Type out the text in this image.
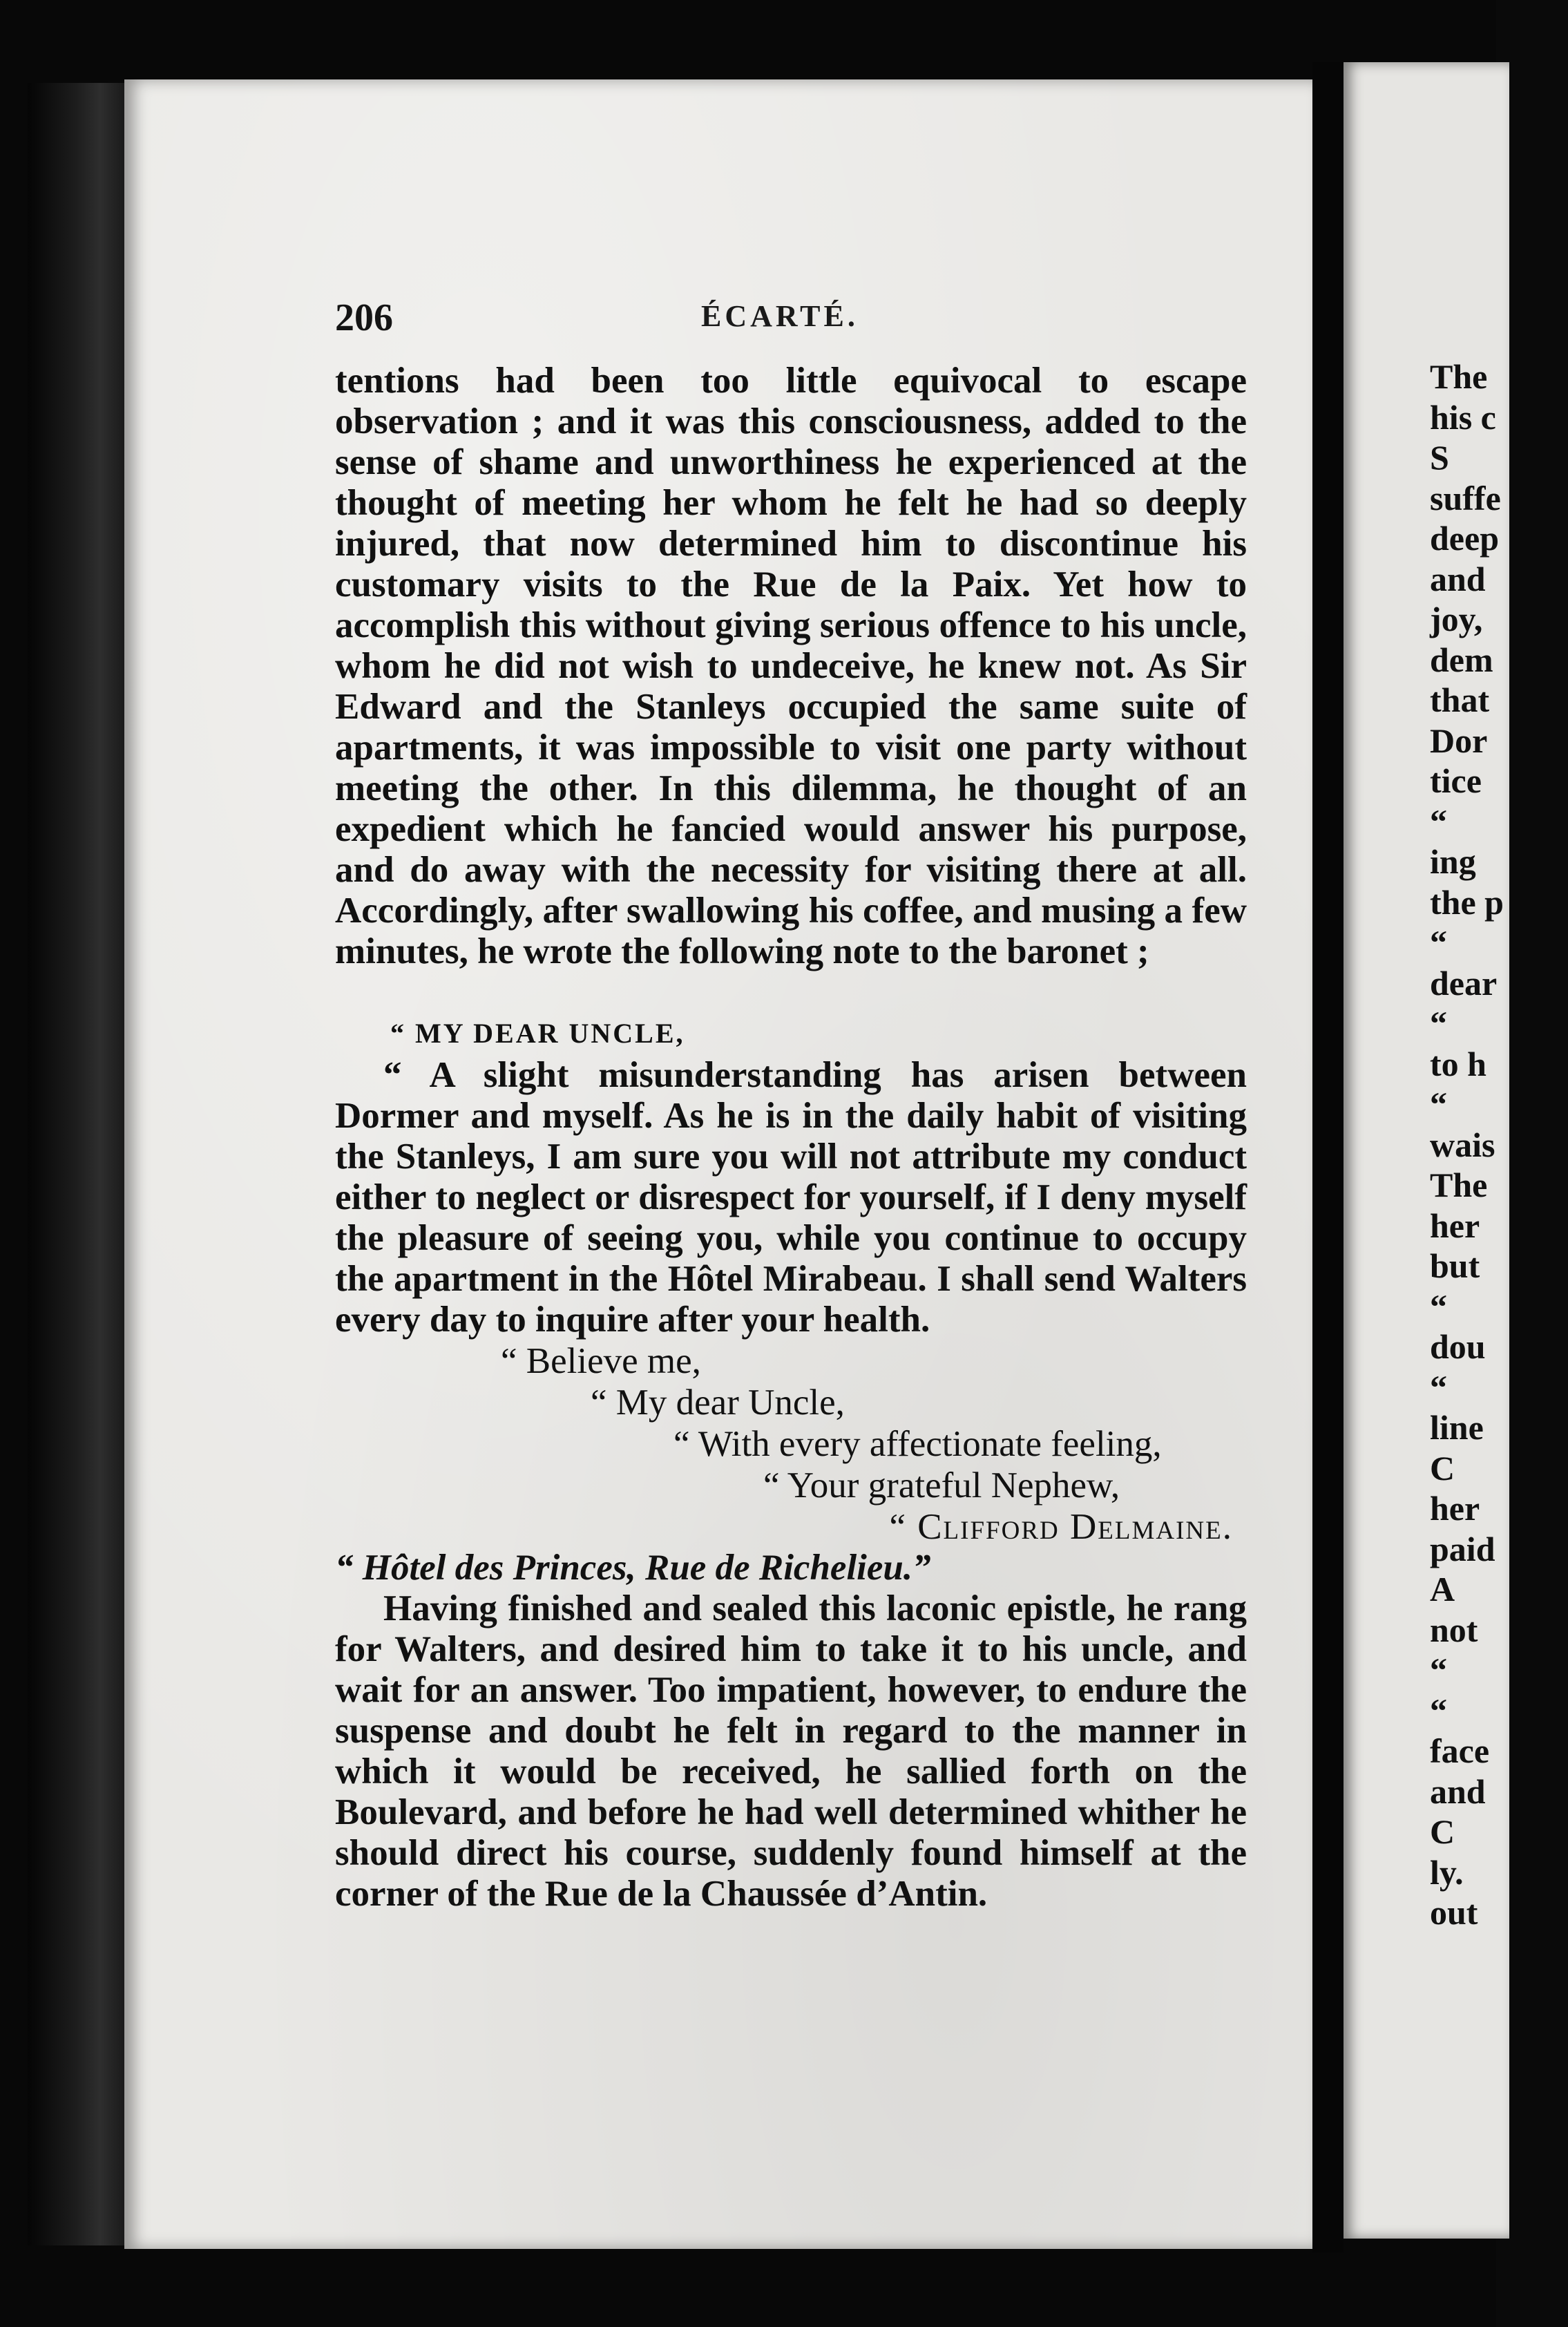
206	ÉCARTÉ.

tentions had been too little equivocal to escape observation ; and it was this consciousness, added to the sense of shame and unworthiness he experienced at the thought of meeting her whom he felt he had so deeply injured, that now determined him to discontinue his customary visits to the Rue de la Paix. Yet how to accomplish this without giving serious offence to his uncle, whom he did not wish to undeceive, he knew not. As Sir Edward and the Stanleys occupied the same suite of apartments, it was impossible to visit one party without meeting the other. In this dilemma, he thought of an expedient which he fancied would answer his purpose, and do away with the necessity for visiting there at all. Accordingly, after swallowing his coffee, and musing a few minutes, he wrote the following note to the baronet ;

“ MY DEAR UNCLE,

“ A slight misunderstanding has arisen between Dormer and myself. As he is in the daily habit of visiting the Stanleys, I am sure you will not attribute my conduct either to neglect or disrespect for yourself, if I deny myself the pleasure of seeing you, while you continue to occupy the apartment in the Hôtel Mirabeau. I shall send Walters every day to inquire after your health.

“ Believe me,

“ My dear Uncle,

“ With every affectionate feeling,

“ Your grateful Nephew,

“ Clifford Delmaine.

“ Hôtel des Princes, Rue de Richelieu.”

Having finished and sealed this laconic epistle, he rang for Walters, and desired him to take it to his uncle, and wait for an answer. Too impatient, however, to endure the suspense and doubt he felt in regard to the manner in which it would be received, he sallied forth on the Boulevard, and before he had well determined whither he should direct his course, suddenly found himself at the corner of the Rue de la Chaussée d’Antin.

The
his c
S
suffe
deep
and
joy,
dem
that
Dor
tice
“
ing
the p
“
dear
“
to h
“
wais
The
her
but
“
dou
“
line
C
her
paid
A
not
“
“
face
and
C
ly.
out
